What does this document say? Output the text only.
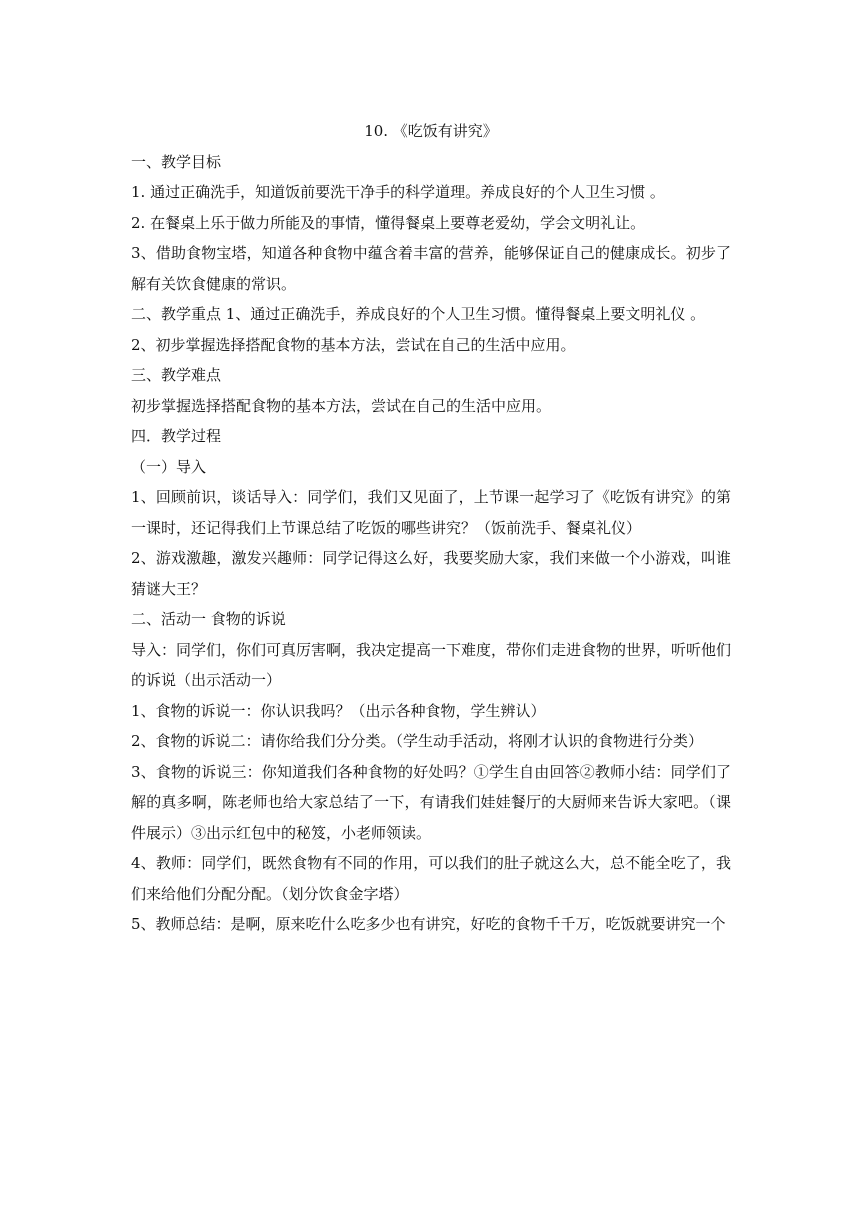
10. 《吃饭有讲究》

一、教学目标

1. 通过正确洗手，知道饭前要洗干净手的科学道理。养成良好的个人卫生习惯 。

2. 在餐桌上乐于做力所能及的事情，懂得餐桌上要尊老爱幼，学会文明礼让。

3、借助食物宝塔，知道各种食物中蕴含着丰富的营养，能够保证自己的健康成长。初步了解有关饮食健康的常识。

二、教学重点 1、通过正确洗手，养成良好的个人卫生习惯。懂得餐桌上要文明礼仪 。

2、初步掌握选择搭配食物的基本方法，尝试在自己的生活中应用。

三、教学难点

初步掌握选择搭配食物的基本方法，尝试在自己的生活中应用。

四．教学过程

（一）导入

1、回顾前识，谈话导入：同学们，我们又见面了，上节课一起学习了《吃饭有讲究》的第一课时，还记得我们上节课总结了吃饭的哪些讲究？（饭前洗手、餐桌礼仪）

2、游戏激趣，激发兴趣师：同学记得这么好，我要奖励大家，我们来做一个小游戏，叫谁猜谜大王？

二、活动一 食物的诉说

导入：同学们，你们可真厉害啊，我决定提高一下难度，带你们走进食物的世界，听听他们的诉说（出示活动一）

1、食物的诉说一：你认识我吗？（出示各种食物，学生辨认）

2、食物的诉说二：请你给我们分分类。（学生动手活动，将刚才认识的食物进行分类）

3、食物的诉说三：你知道我们各种食物的好处吗？①学生自由回答②教师小结：同学们了解的真多啊，陈老师也给大家总结了一下，有请我们娃娃餐厅的大厨师来告诉大家吧。（课件展示）③出示红包中的秘笈，小老师领读。

4、教师：同学们，既然食物有不同的作用，可以我们的肚子就这么大，总不能全吃了，我们来给他们分配分配。（划分饮食金字塔）

5、教师总结：是啊，原来吃什么吃多少也有讲究，好吃的食物千千万，吃饭就要讲究一个
